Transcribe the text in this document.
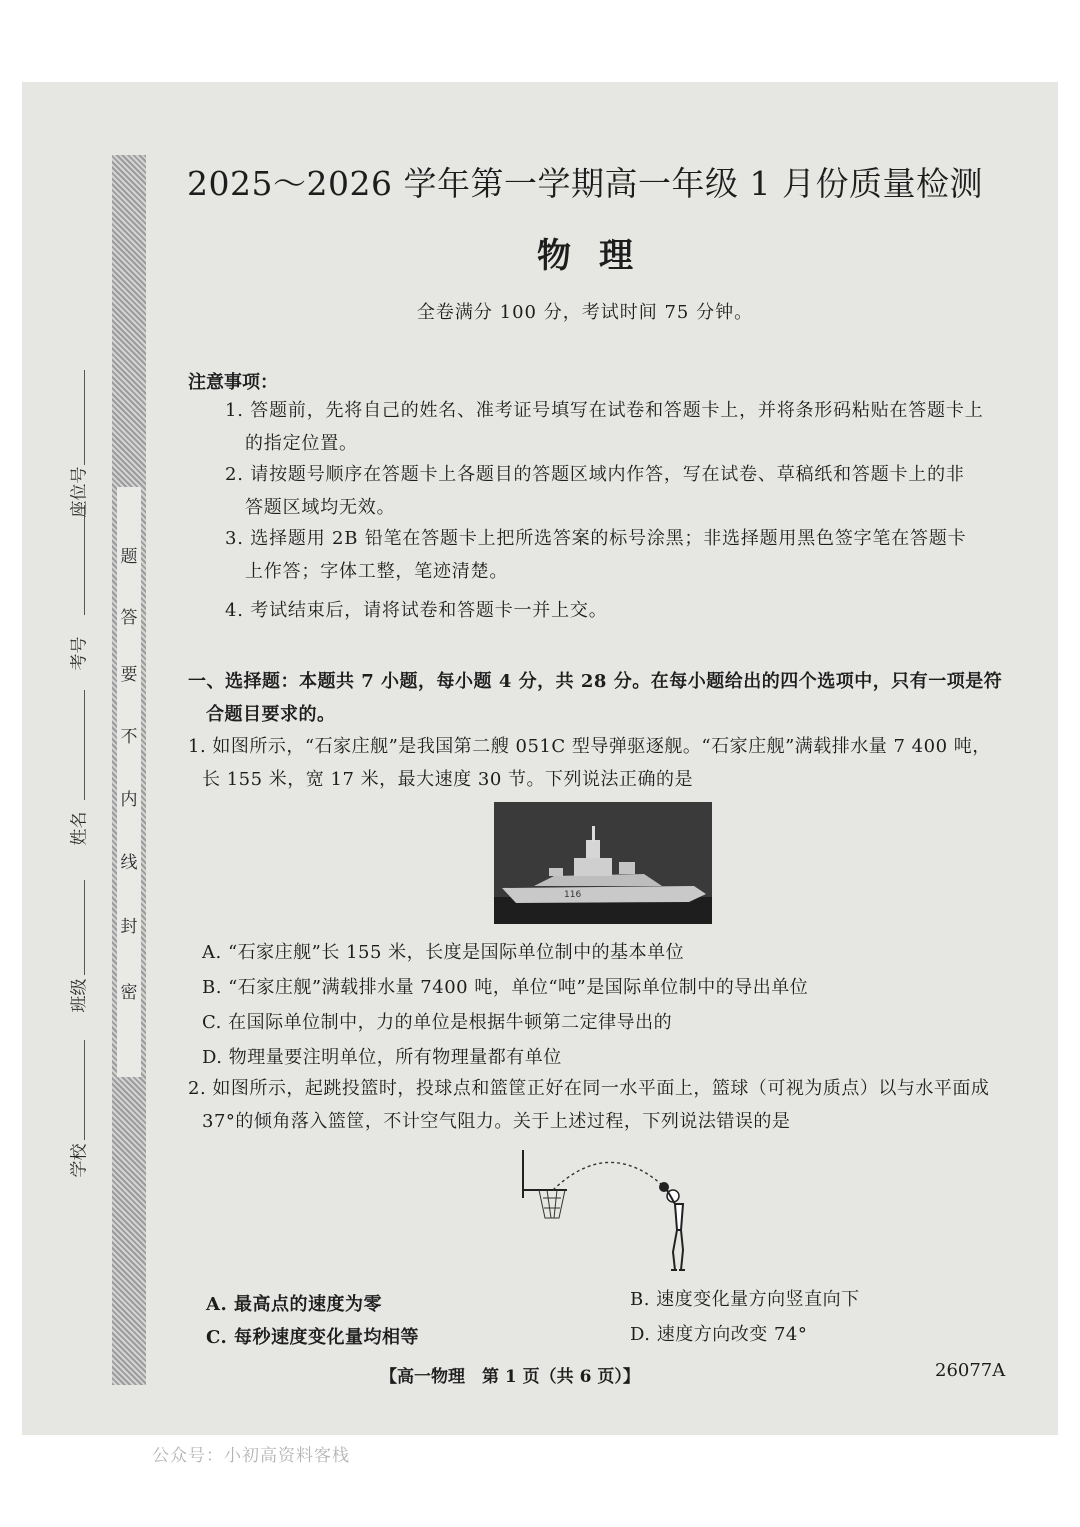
密
封
线
内
不
要
答
题
学校
班级
姓名
考号
座位号
2025～2026 学年第一学期高一年级 1 月份质量检测
物理
全卷满分 100 分，考试时间 75 分钟。
注意事项：
1. 答题前，先将自己的姓名、准考证号填写在试卷和答题卡上，并将条形码粘贴在答题卡上
的指定位置。
2. 请按题号顺序在答题卡上各题目的答题区域内作答，写在试卷、草稿纸和答题卡上的非
答题区域均无效。
3. 选择题用 2B 铅笔在答题卡上把所选答案的标号涂黑；非选择题用黑色签字笔在答题卡
上作答；字体工整，笔迹清楚。
4. 考试结束后，请将试卷和答题卡一并上交。
一、选择题：本题共 7 小题，每小题 4 分，共 28 分。在每小题给出的四个选项中，只有一项是符
合题目要求的。
1. 如图所示，“石家庄舰”是我国第二艘 051C 型导弹驱逐舰。“石家庄舰”满载排水量 7 400 吨，
长 155 米，宽 17 米，最大速度 30 节。下列说法正确的是
116
A. “石家庄舰”长 155 米，长度是国际单位制中的基本单位
B. “石家庄舰”满载排水量 7400 吨，单位“吨”是国际单位制中的导出单位
C. 在国际单位制中，力的单位是根据牛顿第二定律导出的
D. 物理量要注明单位，所有物理量都有单位
2. 如图所示，起跳投篮时，投球点和篮筐正好在同一水平面上，篮球（可视为质点）以与水平面成
37°的倾角落入篮筐，不计空气阻力。关于上述过程，下列说法错误的是
A. 最高点的速度为零	B. 速度变化量方向竖直向下
C. 每秒速度变化量均相等	D. 速度方向改变 74°
【高一物理　第 1 页（共 6 页）】	26077A
公众号：小初高资料客栈
